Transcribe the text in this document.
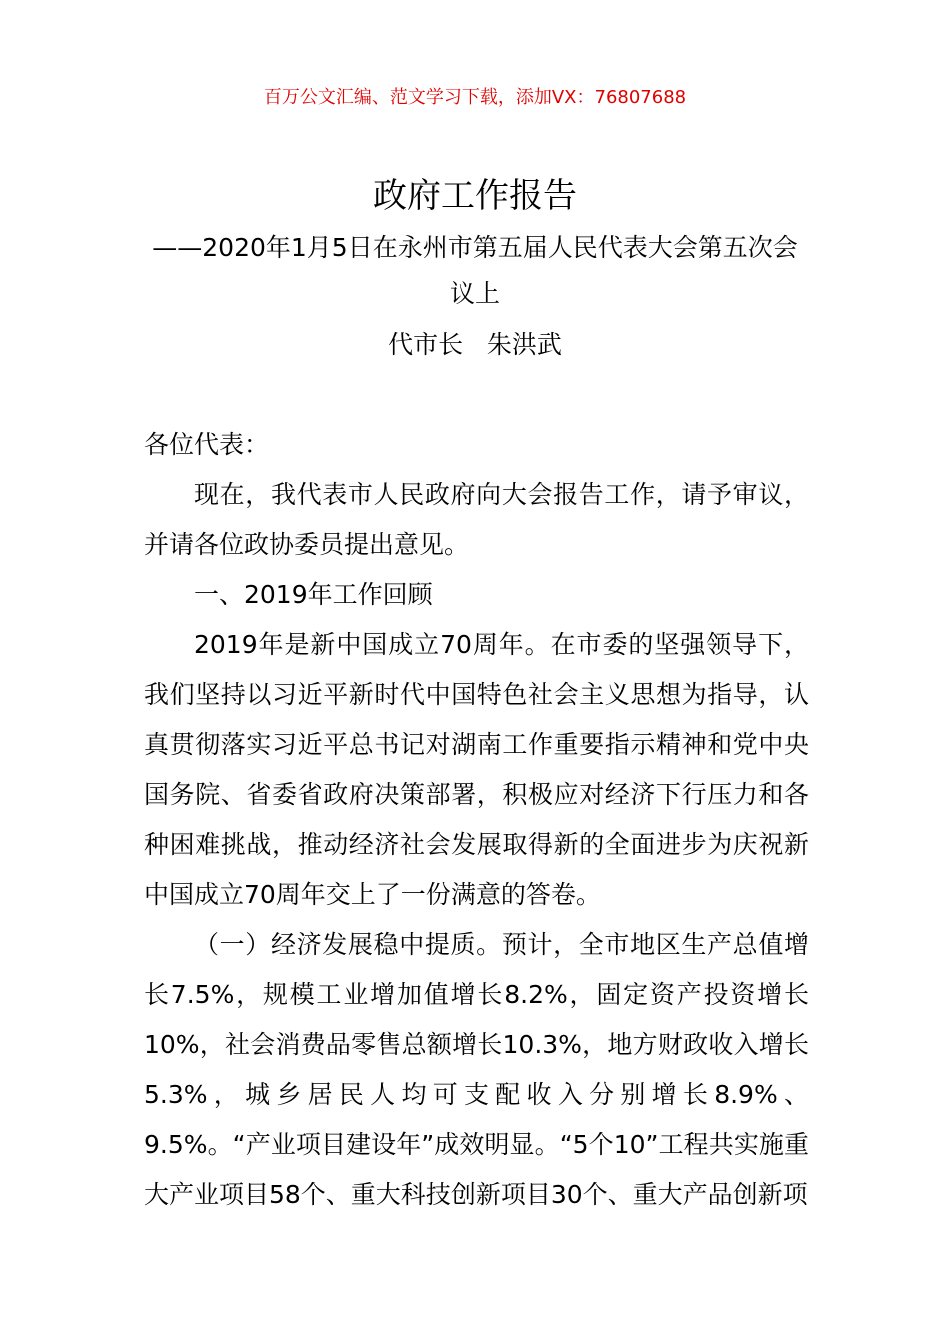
百万公文汇编、范文学习下载，添加VX：76807688
政府工作报告
——2020年1月5日在永州市第五届人民代表大会第五次会议上
代市长   朱洪武

各位代表：

现在，我代表市人民政府向大会报告工作，请予审议，并请各位政协委员提出意见。

一、2019年工作回顾

2019年是新中国成立70周年。在市委的坚强领导下，我们坚持以习近平新时代中国特色社会主义思想为指导，认真贯彻落实习近平总书记对湖南工作重要指示精神和党中央国务院、省委省政府决策部署，积极应对经济下行压力和各种困难挑战，推动经济社会发展取得新的全面进步为庆祝新中国成立70周年交上了一份满意的答卷。

（一）经济发展稳中提质。预计，全市地区生产总值增长7.5%，规模工业增加值增长8.2%，固定资产投资增长10%，社会消费品零售总额增长10.3%，地方财政收入增长5.3%，城乡居民人均可支配收入分别增长8.9%、9.5%。“产业项目建设年”成效明显。“5个10”工程共实施重大产业项目58个、重大科技创新项目30个、重大产品创新项
